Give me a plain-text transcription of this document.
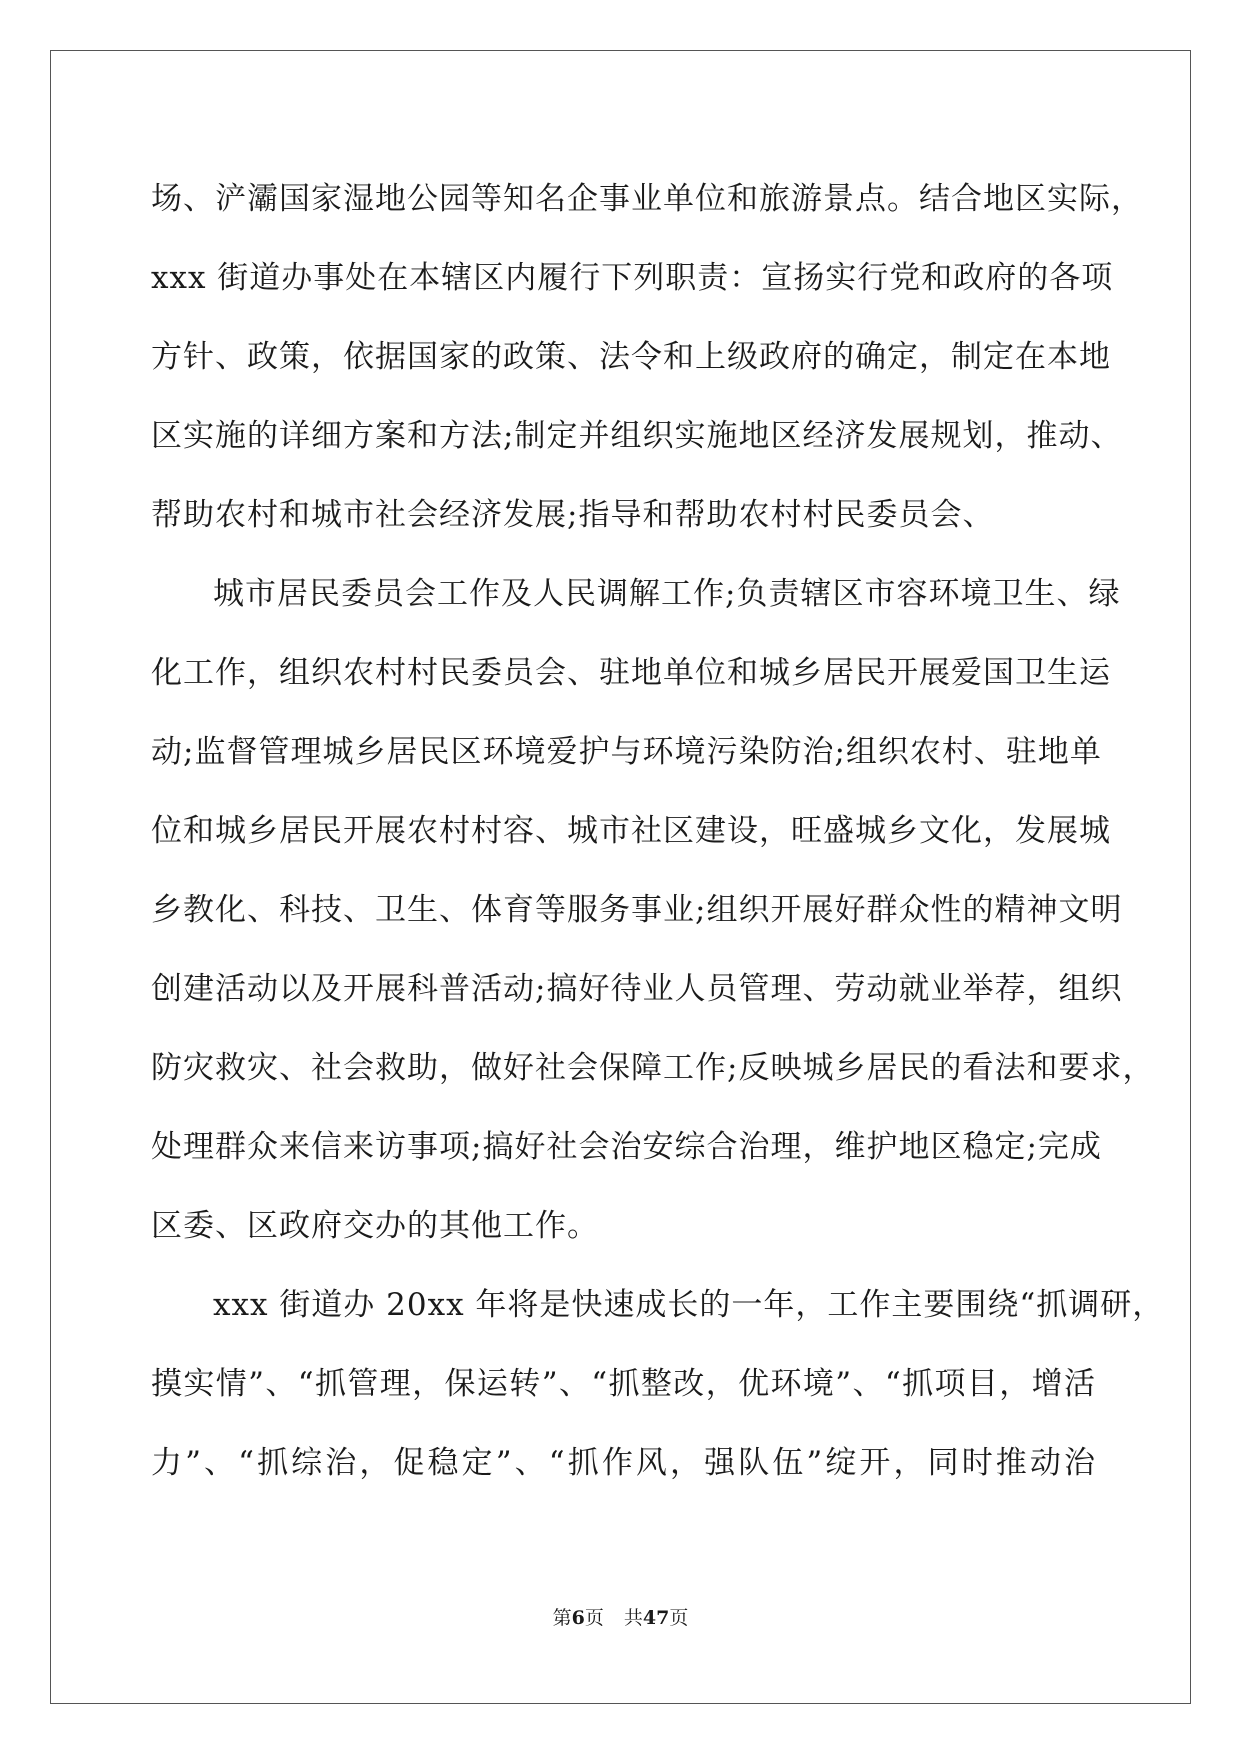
场、浐灞国家湿地公园等知名企事业单位和旅游景点。结合地区实际，
xxx 街道办事处在本辖区内履行下列职责：宣扬实行党和政府的各项
方针、政策，依据国家的政策、法令和上级政府的确定，制定在本地
区实施的详细方案和方法;制定并组织实施地区经济发展规划，推动、
帮助农村和城市社会经济发展;指导和帮助农村村民委员会、
城市居民委员会工作及人民调解工作;负责辖区市容环境卫生、绿
化工作，组织农村村民委员会、驻地单位和城乡居民开展爱国卫生运
动;监督管理城乡居民区环境爱护与环境污染防治;组织农村、驻地单
位和城乡居民开展农村村容、城市社区建设，旺盛城乡文化，发展城
乡教化、科技、卫生、体育等服务事业;组织开展好群众性的精神文明
创建活动以及开展科普活动;搞好待业人员管理、劳动就业举荐，组织
防灾救灾、社会救助，做好社会保障工作;反映城乡居民的看法和要求，
处理群众来信来访事项;搞好社会治安综合治理，维护地区稳定;完成
区委、区政府交办的其他工作。
xxx 街道办 20xx 年将是快速成长的一年，工作主要围绕“抓调研，
摸实情”、“抓管理，保运转”、“抓整改，优环境”、“抓项目，增活
力”、“抓综治，促稳定”、“抓作风，强队伍”绽开，同时推动治
第6页 共47页
